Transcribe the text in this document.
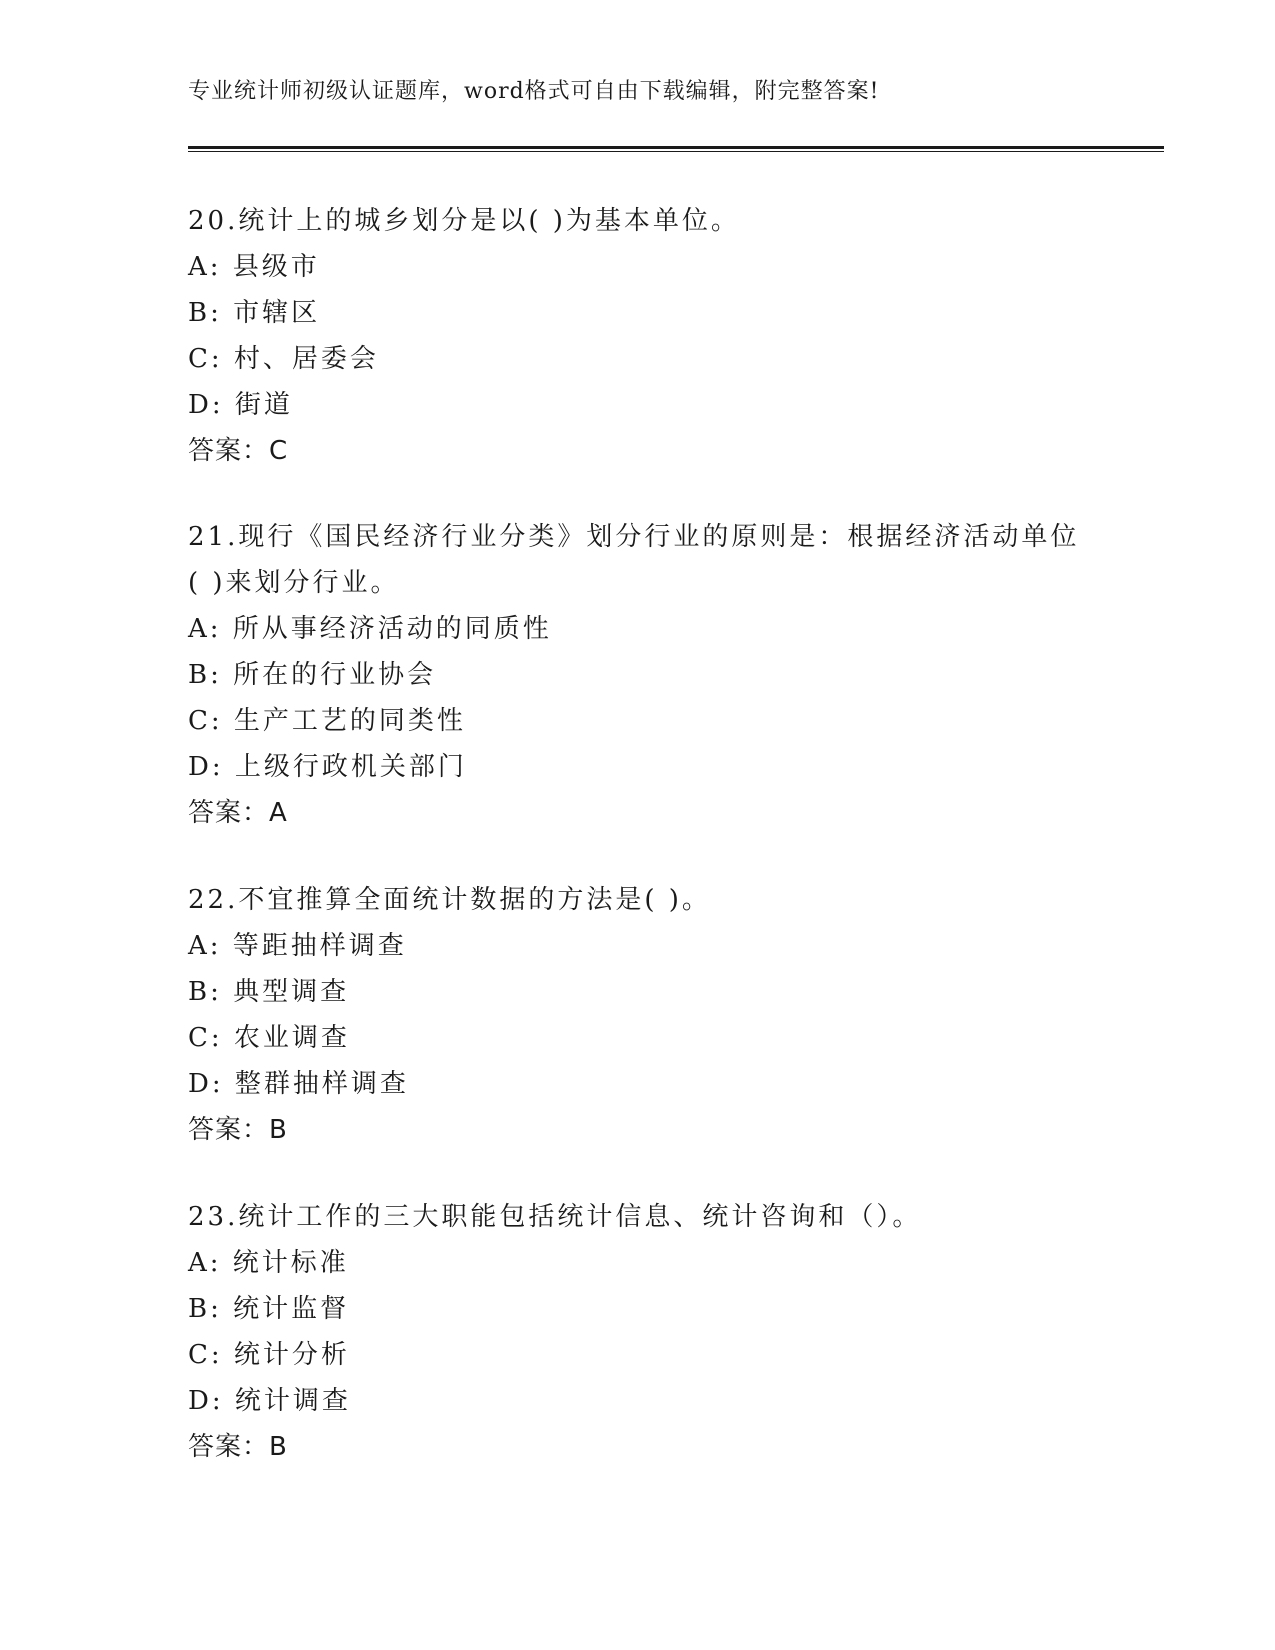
专业统计师初级认证题库，word格式可自由下载编辑，附完整答案!
20.统计上的城乡划分是以( )为基本单位。
A: 县级市
B: 市辖区
C: 村、居委会
D: 街道
答案：C
21.现行《国民经济行业分类》划分行业的原则是：根据经济活动单位
( )来划分行业。
A: 所从事经济活动的同质性
B: 所在的行业协会
C: 生产工艺的同类性
D: 上级行政机关部门
答案：A
22.不宜推算全面统计数据的方法是( )。
A: 等距抽样调查
B: 典型调查
C: 农业调查
D: 整群抽样调查
答案：B
23.统计工作的三大职能包括统计信息、统计咨询和（）。
A: 统计标准
B: 统计监督
C: 统计分析
D: 统计调查
答案：B
